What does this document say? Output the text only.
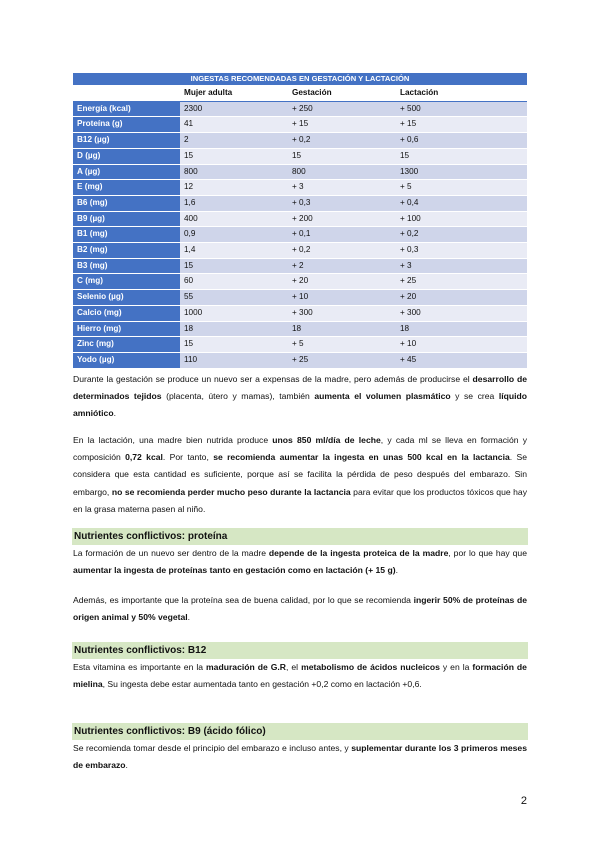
INGESTAS RECOMENDADAS EN GESTACIÓN Y LACTACIÓN			
	Mujer adulta	Gestación	Lactación
Energía (kcal)	2300	+ 250	+ 500
Proteína (g)	41	+ 15	+ 15
B12 (µg)	2	+ 0,2	+ 0,6
D (µg)	15	15	15
A (µg)	800	800	1300
E (mg)	12	+ 3	+ 5
B6 (mg)	1,6	+ 0,3	+ 0,4
B9 (µg)	400	+ 200	+ 100
B1 (mg)	0,9	+ 0,1	+ 0,2
B2 (mg)	1,4	+ 0,2	+ 0,3
B3 (mg)	15	+ 2	+ 3
C (mg)	60	+ 20	+ 25
Selenio (µg)	55	+ 10	+ 20
Calcio (mg)	1000	+ 300	+ 300
Hierro (mg)	18	18	18
Zinc (mg)	15	+ 5	+ 10
Yodo (µg)	110	+ 25	+ 45

Durante la gestación se produce un nuevo ser a expensas de la madre, pero además de producirse el desarrollo de determinados tejidos (placenta, útero y mamas), también aumenta el volumen plasmático y se crea líquido amniótico.

En la lactación, una madre bien nutrida produce unos 850 ml/día de leche, y cada ml se lleva en formación y composición 0,72 kcal. Por tanto, se recomienda aumentar la ingesta en unas 500 kcal en la lactancia. Se considera que esta cantidad es suficiente, porque así se facilita la pérdida de peso después del embarazo. Sin embargo, no se recomienda perder mucho peso durante la lactancia para evitar que los productos tóxicos que hay en la grasa materna pasen al niño.

Nutrientes conflictivos: proteína

La formación de un nuevo ser dentro de la madre depende de la ingesta proteica de la madre, por lo que hay que aumentar la ingesta de proteínas tanto en gestación como en lactación (+ 15 g).

Además, es importante que la proteína sea de buena calidad, por lo que se recomienda ingerir 50% de proteínas de origen animal y 50% vegetal.

Nutrientes conflictivos: B12

Esta vitamina es importante en la maduración de G.R, el metabolismo de ácidos nucleicos y en la formación de mielina, Su ingesta debe estar aumentada tanto en gestación +0,2 como en lactación +0,6.

Nutrientes conflictivos: B9 (ácido fólico)

Se recomienda tomar desde el principio del embarazo e incluso antes, y suplementar durante los 3 primeros meses de embarazo.

2
